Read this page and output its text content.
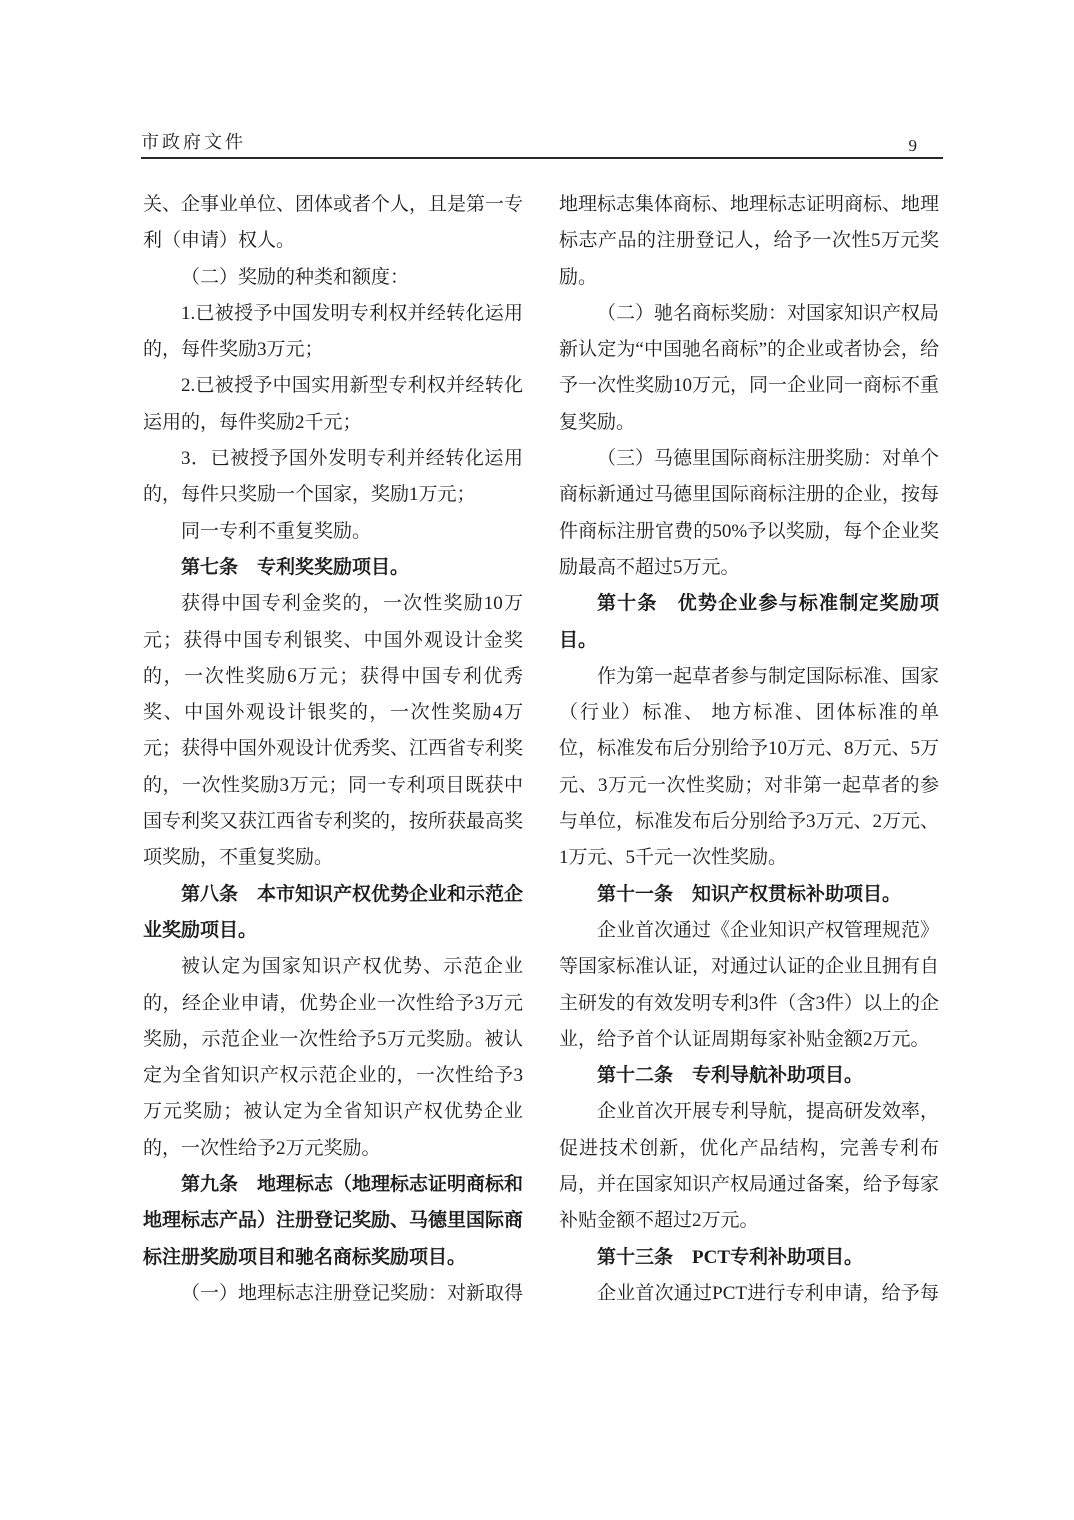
市政府文件	9

关、企事业单位、团体或者个人，且是第一专利（申请）权人。

（二）奖励的种类和额度：

1.已被授予中国发明专利权并经转化运用的，每件奖励3万元；

2.已被授予中国实用新型专利权并经转化运用的，每件奖励2千元；

3．已被授予国外发明专利并经转化运用的，每件只奖励一个国家，奖励1万元；

同一专利不重复奖励。

第七条　专利奖奖励项目。

获得中国专利金奖的，一次性奖励10万元；获得中国专利银奖、中国外观设计金奖的，一次性奖励6万元；获得中国专利优秀奖、中国外观设计银奖的，一次性奖励4万元；获得中国外观设计优秀奖、江西省专利奖的，一次性奖励3万元；同一专利项目既获中国专利奖又获江西省专利奖的，按所获最高奖项奖励，不重复奖励。

第八条　本市知识产权优势企业和示范企业奖励项目。

被认定为国家知识产权优势、示范企业的，经企业申请，优势企业一次性给予3万元奖励，示范企业一次性给予5万元奖励。被认定为全省知识产权示范企业的，一次性给予3万元奖励；被认定为全省知识产权优势企业的，一次性给予2万元奖励。

第九条　地理标志（地理标志证明商标和地理标志产品）注册登记奖励、马德里国际商标注册奖励项目和驰名商标奖励项目。

（一）地理标志注册登记奖励：对新取得

地理标志集体商标、地理标志证明商标、地理标志产品的注册登记人，给予一次性5万元奖励。

（二）驰名商标奖励：对国家知识产权局新认定为“中国驰名商标”的企业或者协会，给予一次性奖励10万元，同一企业同一商标不重复奖励。

（三）马德里国际商标注册奖励：对单个商标新通过马德里国际商标注册的企业，按每件商标注册官费的50%予以奖励，每个企业奖励最高不超过5万元。

第十条　优势企业参与标准制定奖励项目。

作为第一起草者参与制定国际标准、国家（行业）标准、 地方标准、团体标准的单位，标准发布后分别给予10万元、8万元、5万元、3万元一次性奖励；对非第一起草者的参与单位，标准发布后分别给予3万元、2万元、1万元、5千元一次性奖励。

第十一条　知识产权贯标补助项目。

企业首次通过《企业知识产权管理规范》等国家标准认证，对通过认证的企业且拥有自主研发的有效发明专利3件（含3件）以上的企业，给予首个认证周期每家补贴金额2万元。

第十二条　专利导航补助项目。

企业首次开展专利导航，提高研发效率，促进技术创新，优化产品结构，完善专利布局，并在国家知识产权局通过备案，给予每家补贴金额不超过2万元。

第十三条　PCT专利补助项目。

企业首次通过PCT进行专利申请，给予每
